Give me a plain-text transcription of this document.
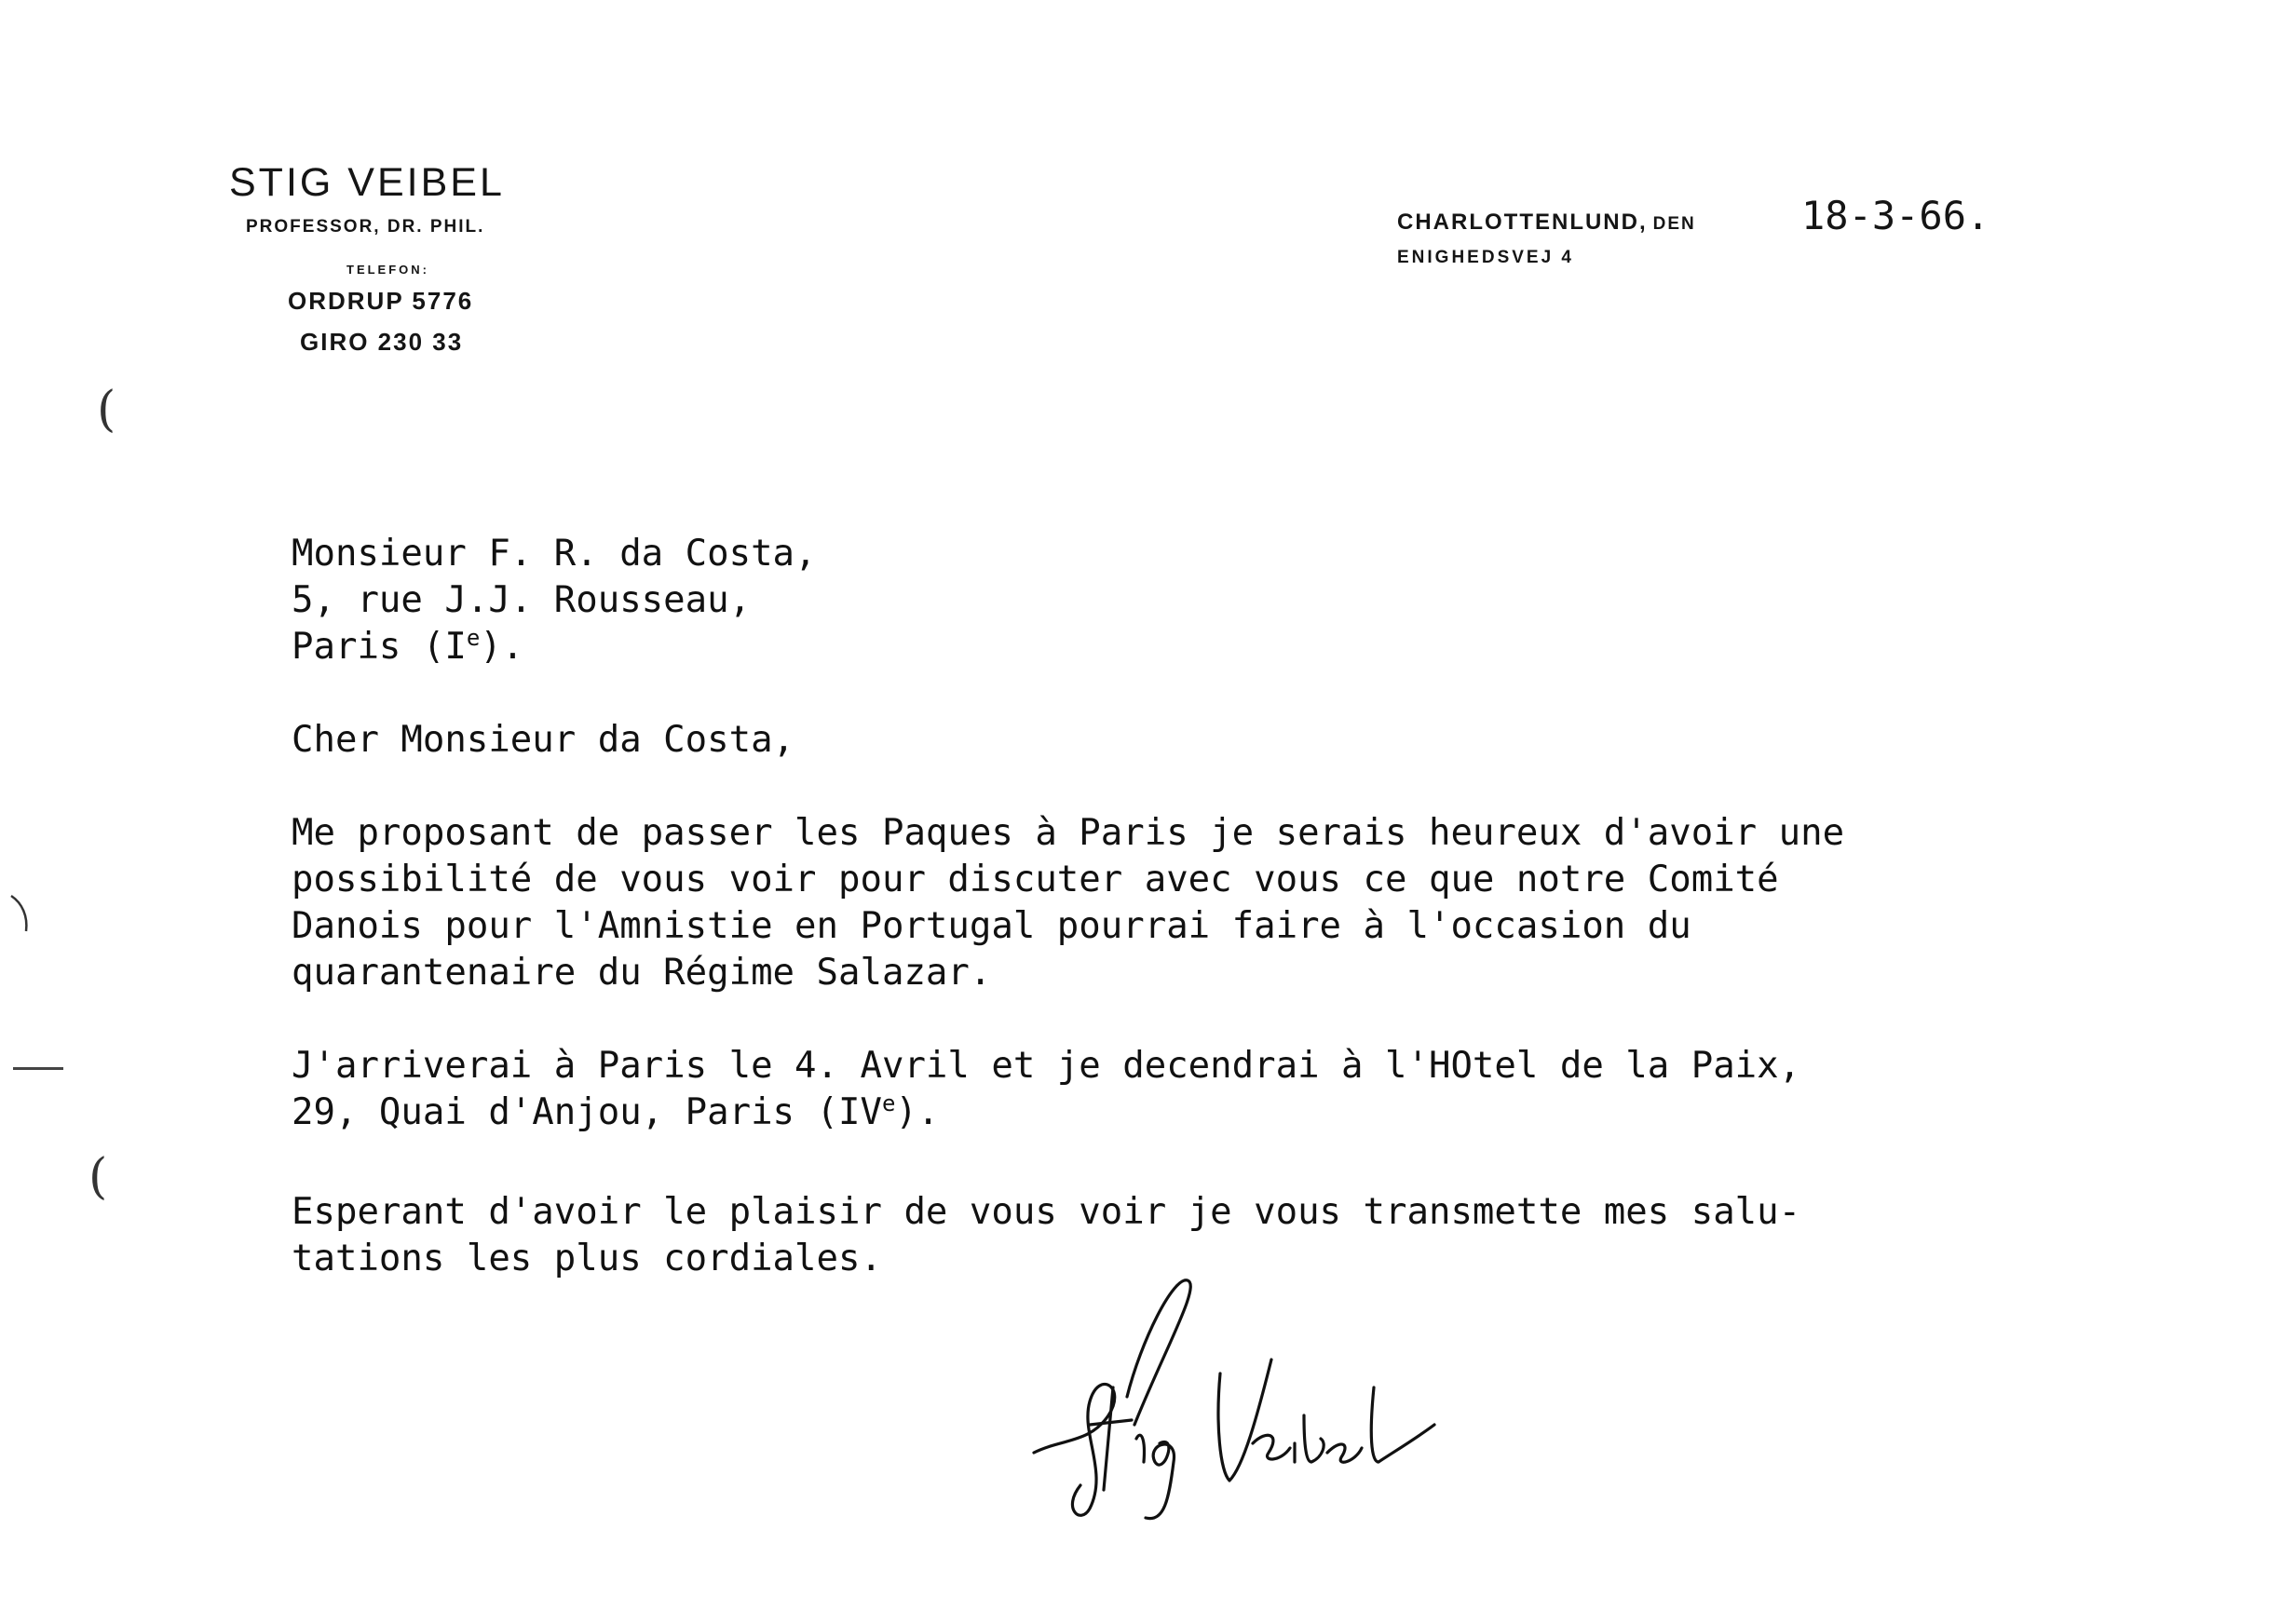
STIG VEIBEL
PROFESSOR, DR. PHIL.
TELEFON:
ORDRUP 5776
GIRO 230 33
CHARLOTTENLUND, DEN	18-3-66.
ENIGHEDSVEJ 4
Monsieur F. R. da Costa,
5, rue J.J. Rousseau,
Paris (Ie).
Cher Monsieur da Costa,
Me proposant de passer les Paques à Paris je serais heureux d'avoir une
possibilité de vous voir pour discuter avec vous ce que notre Comité
Danois pour l'Amnistie en Portugal pourrai faire à l'occasion du
quarantenaire du Régime Salazar.
J'arriverai à Paris le 4. Avril et je decendrai à l'HOtel de la Paix,
29, Quai d'Anjou, Paris (IVe).
Esperant d'avoir le plaisir de vous voir je vous transmette mes salu-
tations les plus cordiales.
(
(
